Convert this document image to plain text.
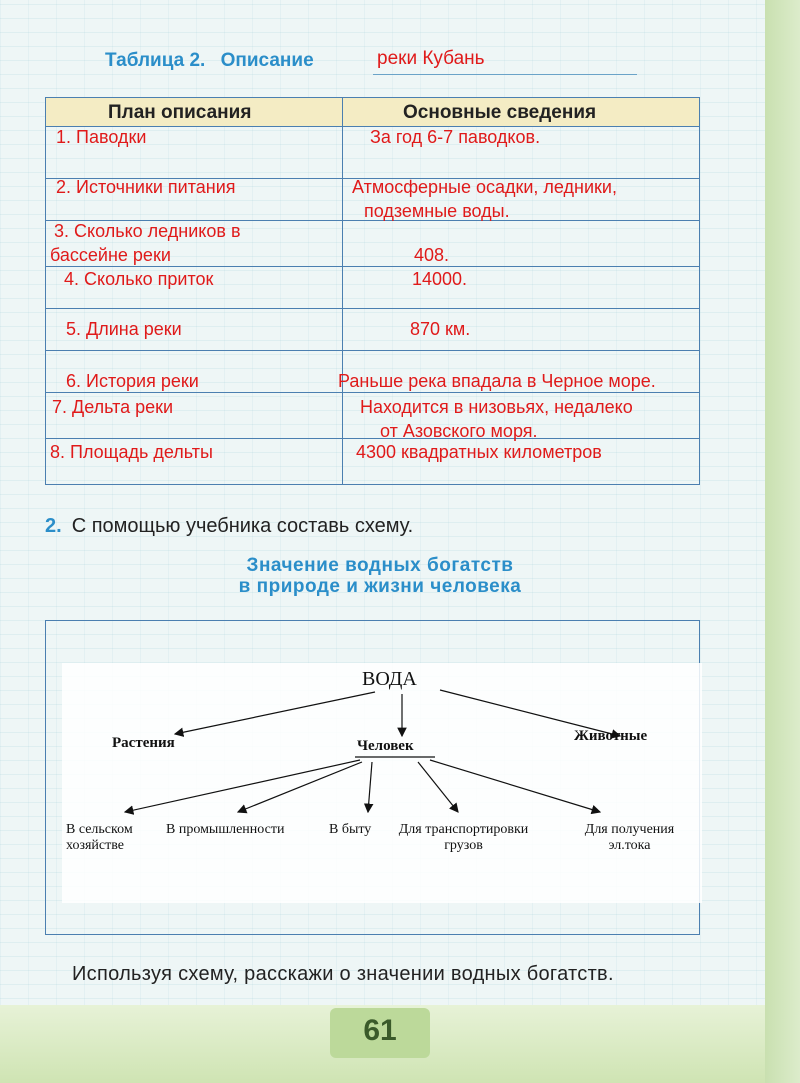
61
Таблица 2. Описание	реки Кубань
План описания	Основные сведения
1. Паводки	За год 6-7 паводков.
2. Источники питания	Атмосферные осадки, ледники,
подземные воды.
3. Сколько ледников в
бассейне реки	408.
4. Сколько приток	14000.
5. Длина реки	870 км.
6. История реки	Раньше река впадала в Черное море.
7. Дельта реки	Находится в низовьях, недалеко
от Азовского моря.
8. Площадь дельты	4300 квадратных километров
2. С помощью учебника составь схему.
Значение водных богатств
в природе и жизни человека
ВОДА
Растения	Человек
Животные
В сельском
хозяйстве
В промышленности	В быту	Для транспортировки
грузов
Для получения
эл.тока
Используя схему, расскажи о значении водных богатств.
